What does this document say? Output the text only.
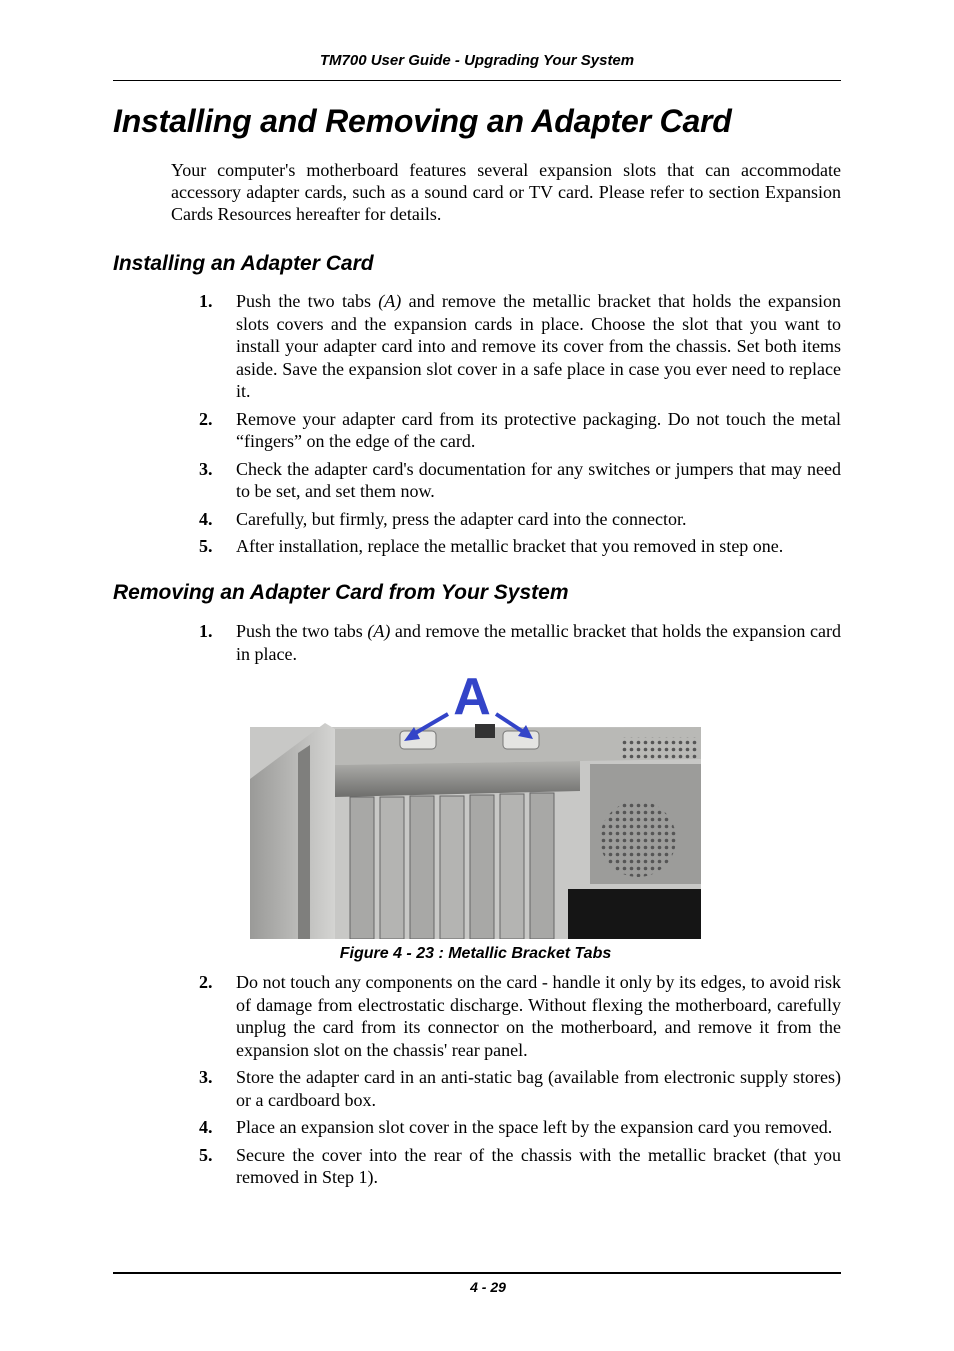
TM700 User Guide - Upgrading Your System
Installing and Removing an Adapter Card

Your computer's motherboard features several expansion slots that can accommodate accessory adapter cards, such as a sound card or TV card. Please refer to section Expansion Cards Resources hereafter for details.

Installing an Adapter Card
1. Push the two tabs (A) and remove the metallic bracket that holds the expansion slots covers and the expansion cards in place. Choose the slot that you want to install your adapter card into and remove its cover from the chassis. Set both items aside. Save the expansion slot cover in a safe place in case you ever need to replace it.
2. Remove your adapter card from its protective packaging. Do not touch the metal “fingers” on the edge of the card.
3. Check the adapter card's documentation for any switches or jumpers that may need to be set, and set them now.
4. Carefully, but firmly, press the adapter card into the connector.
5. After installation, replace the metallic bracket that you removed in step one.
Removing an Adapter Card from Your System
1. Push the two tabs (A) and remove the metallic bracket that holds the expansion card in place.
A
Figure 4 - 23 : Metallic Bracket Tabs
2. Do not touch any components on the card - handle it only by its edges, to avoid risk of damage from electrostatic discharge. Without flexing the motherboard, carefully unplug the card from its connector on the motherboard, and remove it from the expansion slot on the chassis' rear panel.
3. Store the adapter card in an anti-static bag (available from electronic supply stores) or a cardboard box.
4. Place an expansion slot cover in the space left by the expansion card you removed.
5. Secure the cover into the rear of the chassis with the metallic bracket (that you removed in Step 1).
4 - 29
